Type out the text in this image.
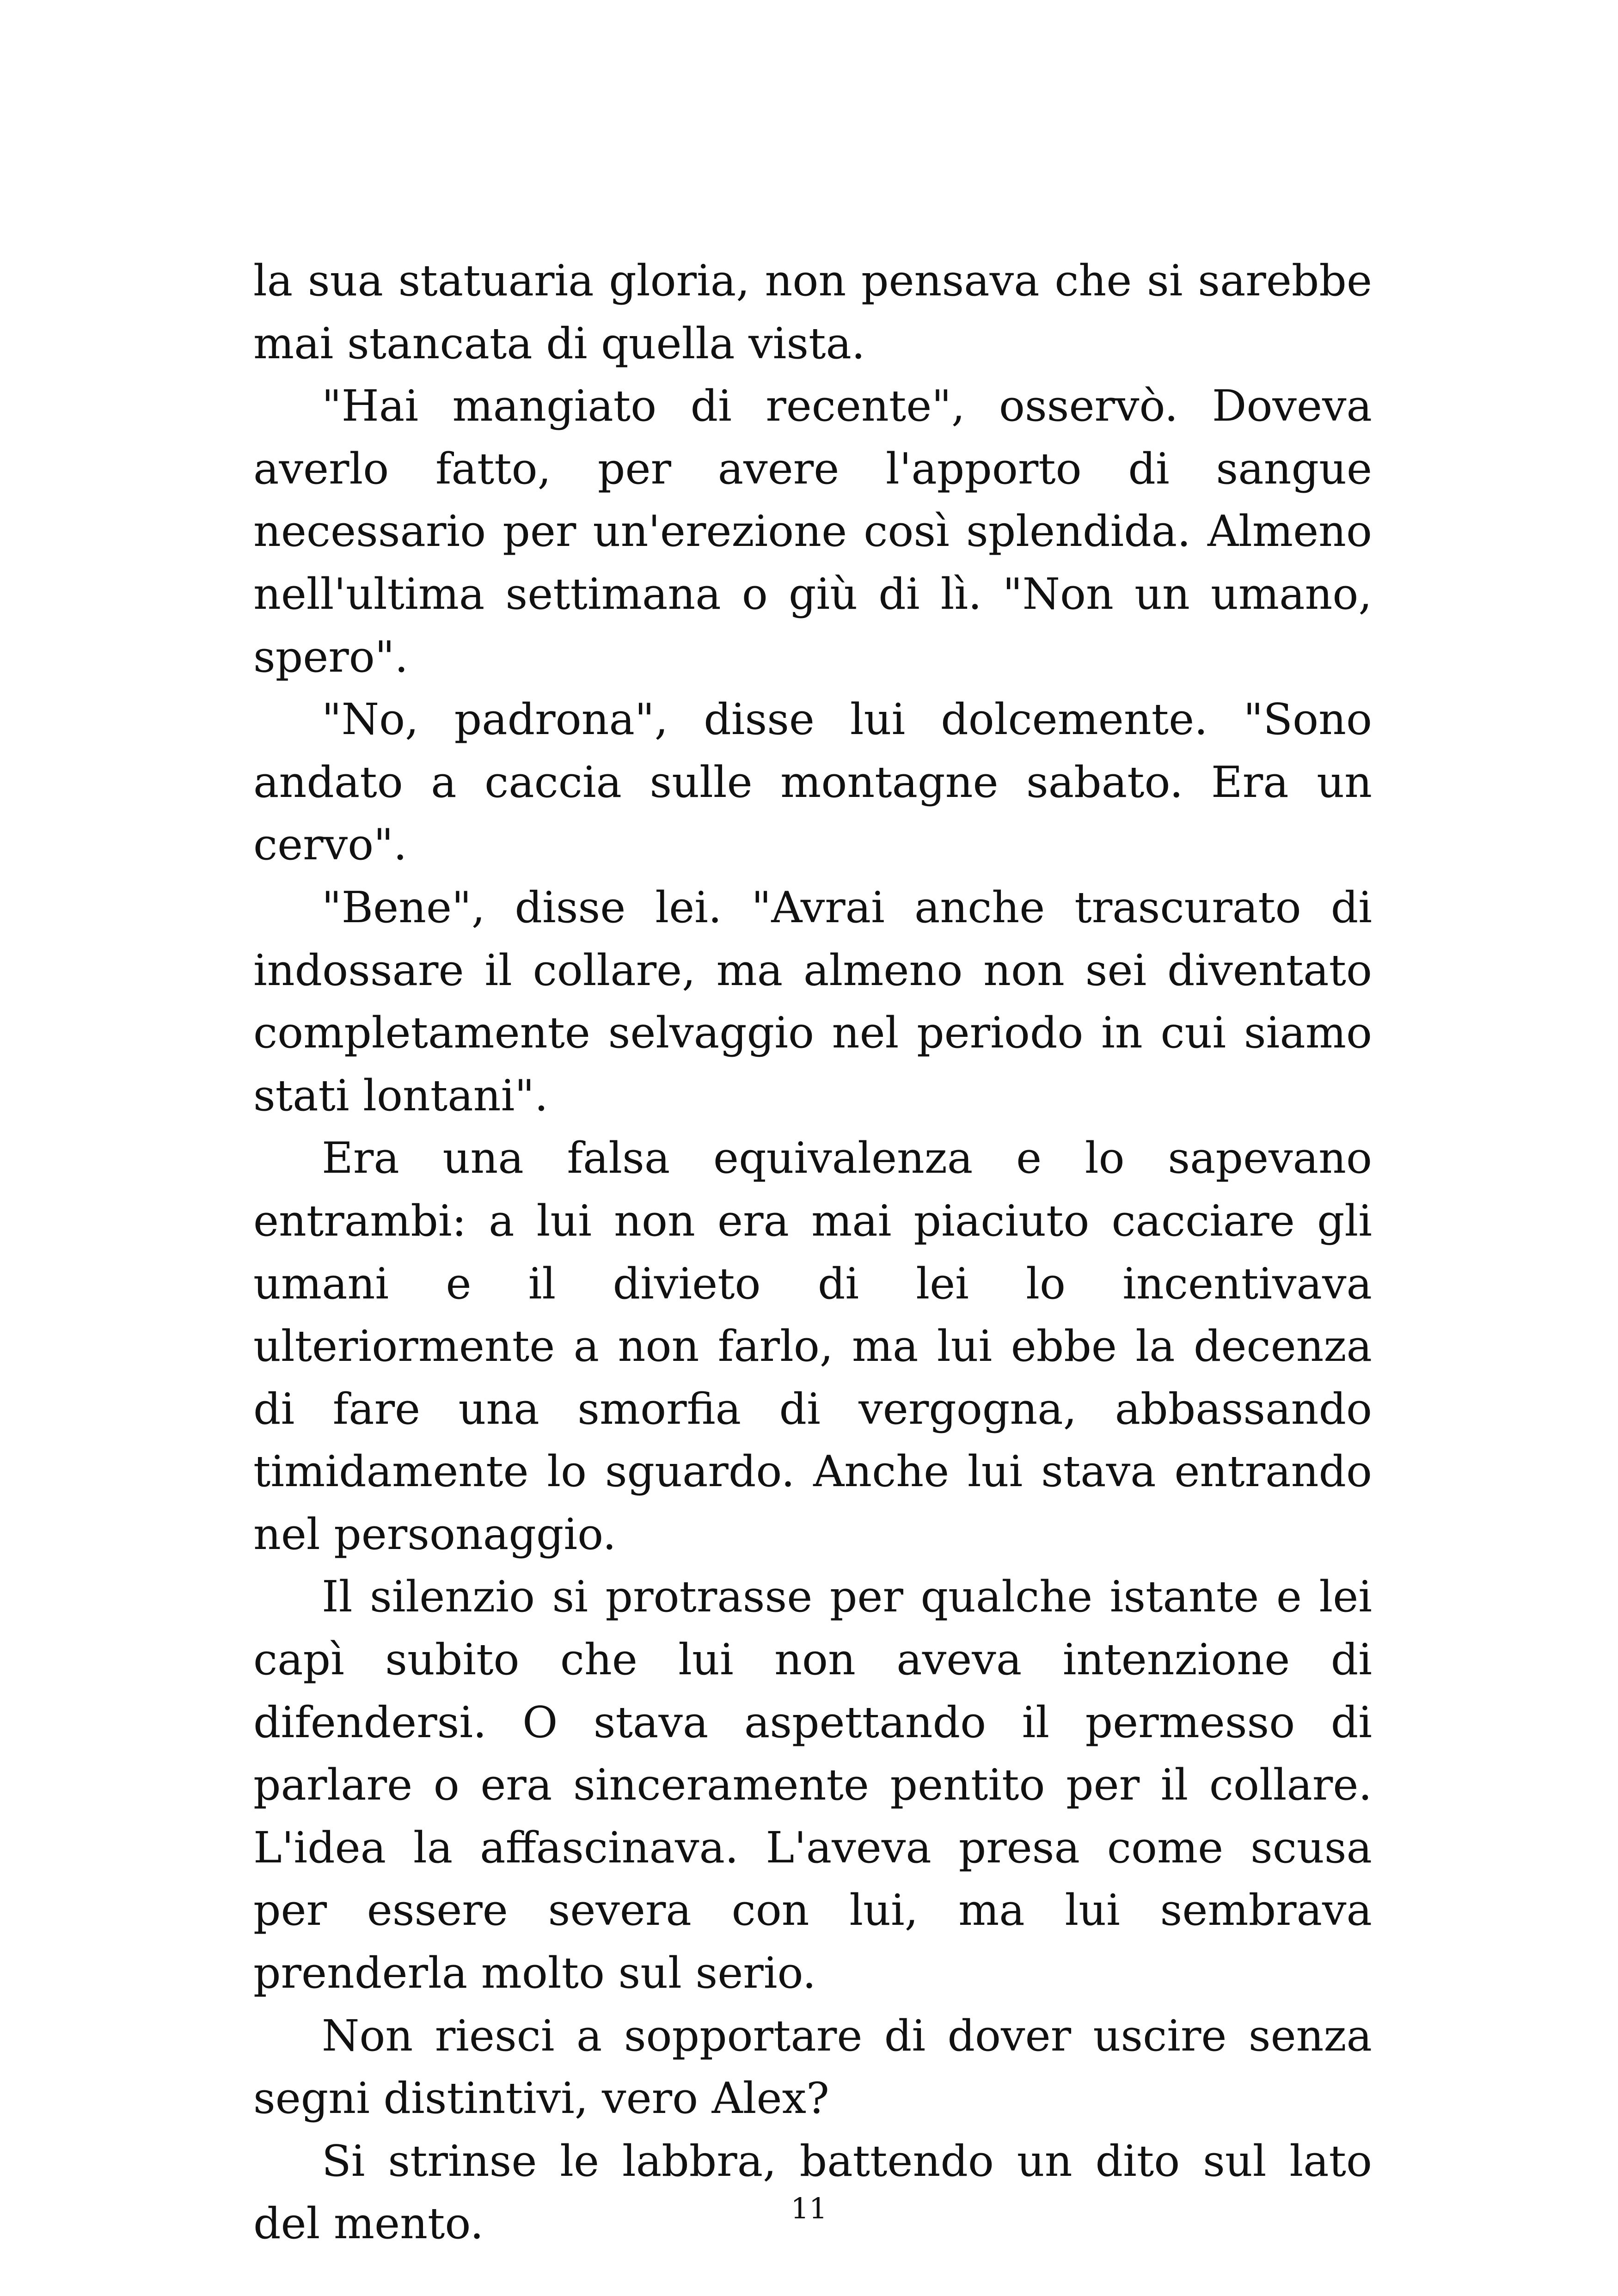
la sua statuaria gloria, non pensava che si sarebbe mai stancata di quella vista.

"Hai mangiato di recente", osservò. Doveva averlo fatto, per avere l'apporto di sangue necessario per un'erezione così splendida. Almeno nell'ultima settimana o giù di lì. "Non un umano, spero".

"No, padrona", disse lui dolcemente. "Sono andato a caccia sulle montagne sabato. Era un cervo".

"Bene", disse lei. "Avrai anche trascurato di indossare il collare, ma almeno non sei diventato completamente selvaggio nel periodo in cui siamo stati lontani".

Era una falsa equivalenza e lo sapevano entrambi: a lui non era mai piaciuto cacciare gli umani e il divieto di lei lo incentivava ulteriormente a non farlo, ma lui ebbe la decenza di fare una smorfia di vergogna, abbassando timidamente lo sguardo. Anche lui stava entrando nel personaggio.

Il silenzio si protrasse per qualche istante e lei capì subito che lui non aveva intenzione di difendersi. O stava aspettando il permesso di parlare o era sinceramente pentito per il collare. L'idea la affascinava. L'aveva presa come scusa per essere severa con lui, ma lui sembrava prenderla molto sul serio.

Non riesci a sopportare di dover uscire senza segni distintivi, vero Alex?

Si strinse le labbra, battendo un dito sul lato del mento.	11
